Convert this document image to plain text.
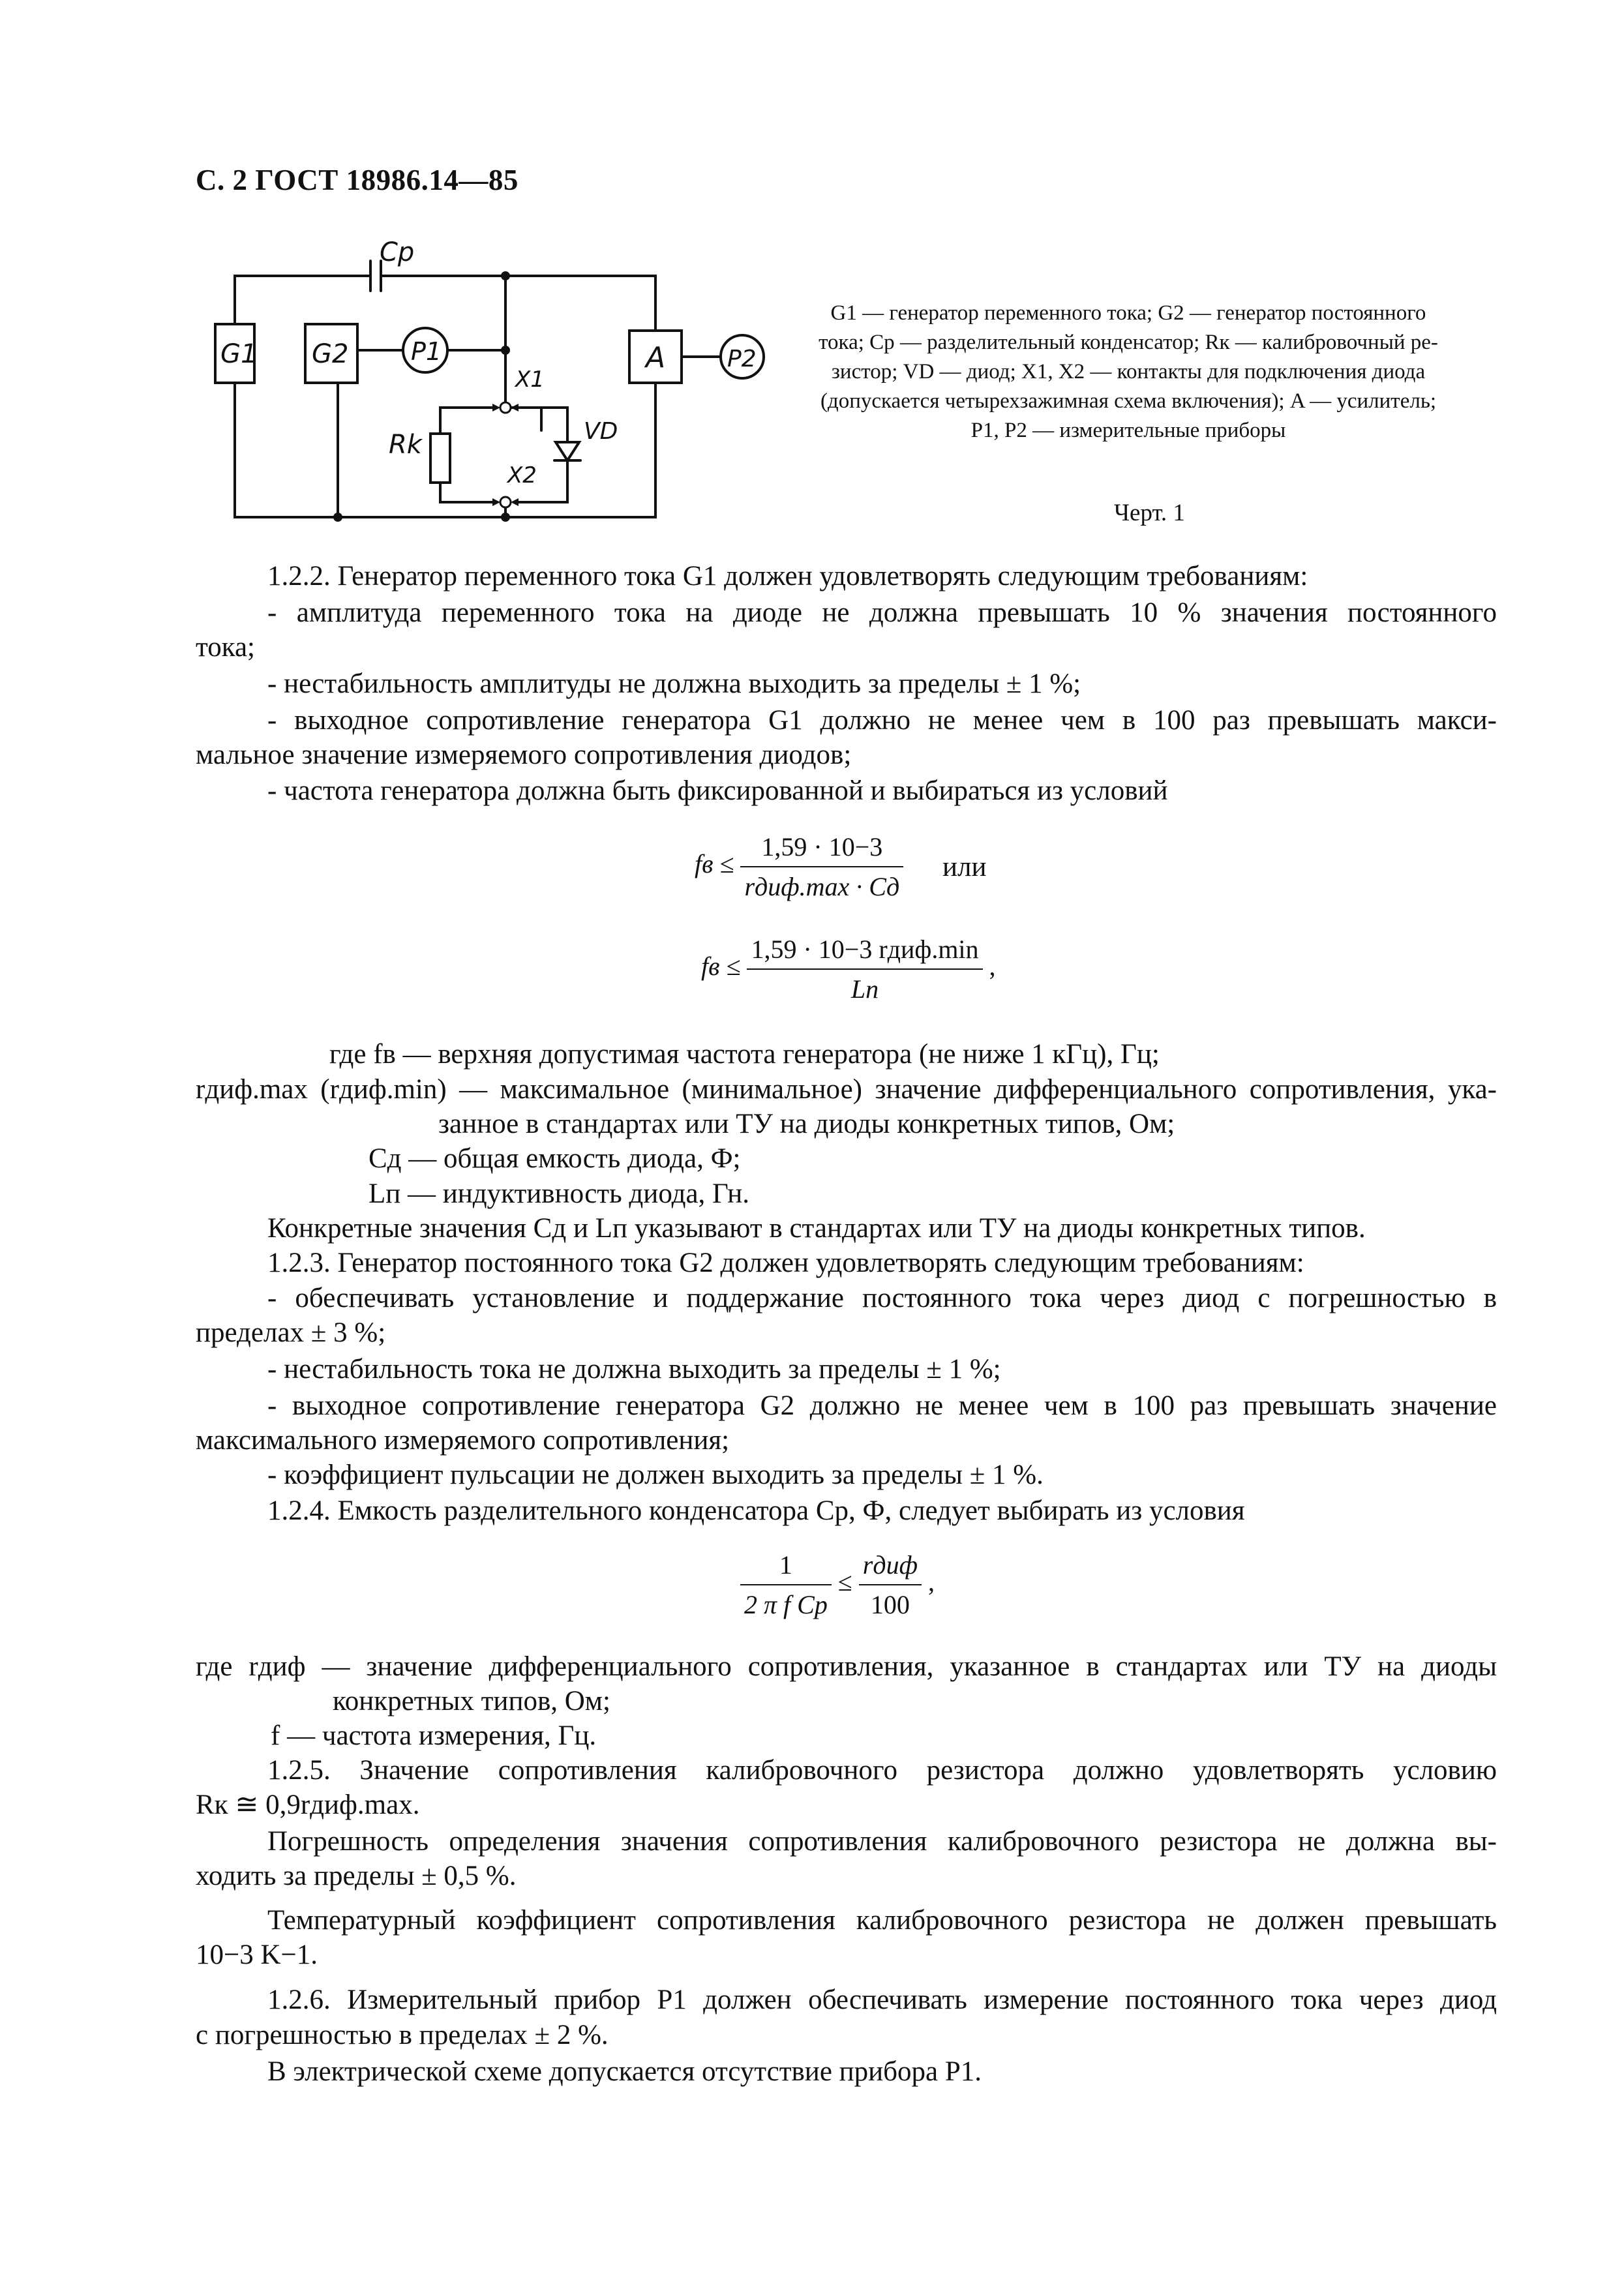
С. 2 ГОСТ 18986.14—85
Cp
G1 G2	P1	A	P2
X1
X2
Rk	VD
G1 — генератор переменного тока; G2 — генератор постоянного
тока; Cр — разделительный конденсатор; Rк — калибровочный ре-
зистор; VD — диод; X1, X2 — контакты для подключения диода
(допускается четырехзажимная схема включения); A — усилитель;
P1, P2 — измерительные приборы
Черт. 1
1.2.2. Генератор переменного тока G1 должен удовлетворять следующим требованиям:
- амплитуда переменного тока на диоде не должна превышать 10 % значения постоянного
тока;
- нестабильность амплитуды не должна выходить за пределы ± 1 %;
- выходное сопротивление генератора G1 должно не менее чем в 100 раз превышать макси-
мальное значение измеряемого сопротивления диодов;
- частота генератора должна быть фиксированной и выбираться из условий
fв ≤ $\frac{1,59 \cdot 10-3}{\text{rдиф.max · Cд}}$ или
fв ≤ $\frac{\text{1,59 · 10−3 rдиф.min}}{Lп}$ ,
где fв — верхняя допустимая частота генератора (не ниже 1 кГц), Гц;
rдиф.max (rдиф.min) — максимальное (минимальное) значение дифференциального сопротивления, ука-
занное в стандартах или ТУ на диоды конкретных типов, Ом;
Cд — общая емкость диода, Ф;
Lп — индуктивность диода, Гн.
Конкретные значения Cд и Lп указывают в стандартах или ТУ на диоды конкретных типов.
1.2.3. Генератор постоянного тока G2 должен удовлетворять следующим требованиям:
- обеспечивать установление и поддержание постоянного тока через диод с погрешностью в
пределах ± 3 %;
- нестабильность тока не должна выходить за пределы ± 1 %;
- выходное сопротивление генератора G2 должно не менее чем в 100 раз превышать значение
максимального измеряемого сопротивления;
- коэффициент пульсации не должен выходить за пределы ± 1 %.
1.2.4. Емкость разделительного конденсатора Cр, Ф, следует выбирать из условия
$\frac{1}{\text{2 π f Cр}} \le \frac{\text{rдиф}}{100}$ ,
где rдиф — значение дифференциального сопротивления, указанное в стандартах или ТУ на диоды
конкретных типов, Ом;
f — частота измерения, Гц.
1.2.5. Значение сопротивления калибровочного резистора должно удовлетворять условию
Rк ≅ 0,9rдиф.max.
Погрешность определения значения сопротивления калибровочного резистора не должна вы-
ходить за пределы ± 0,5 %.
Температурный коэффициент сопротивления калибровочного резистора не должен превышать
10−3 K−1.
1.2.6. Измерительный прибор P1 должен обеспечивать измерение постоянного тока через диод
с погрешностью в пределах ± 2 %.
В электрической схеме допускается отсутствие прибора P1.
